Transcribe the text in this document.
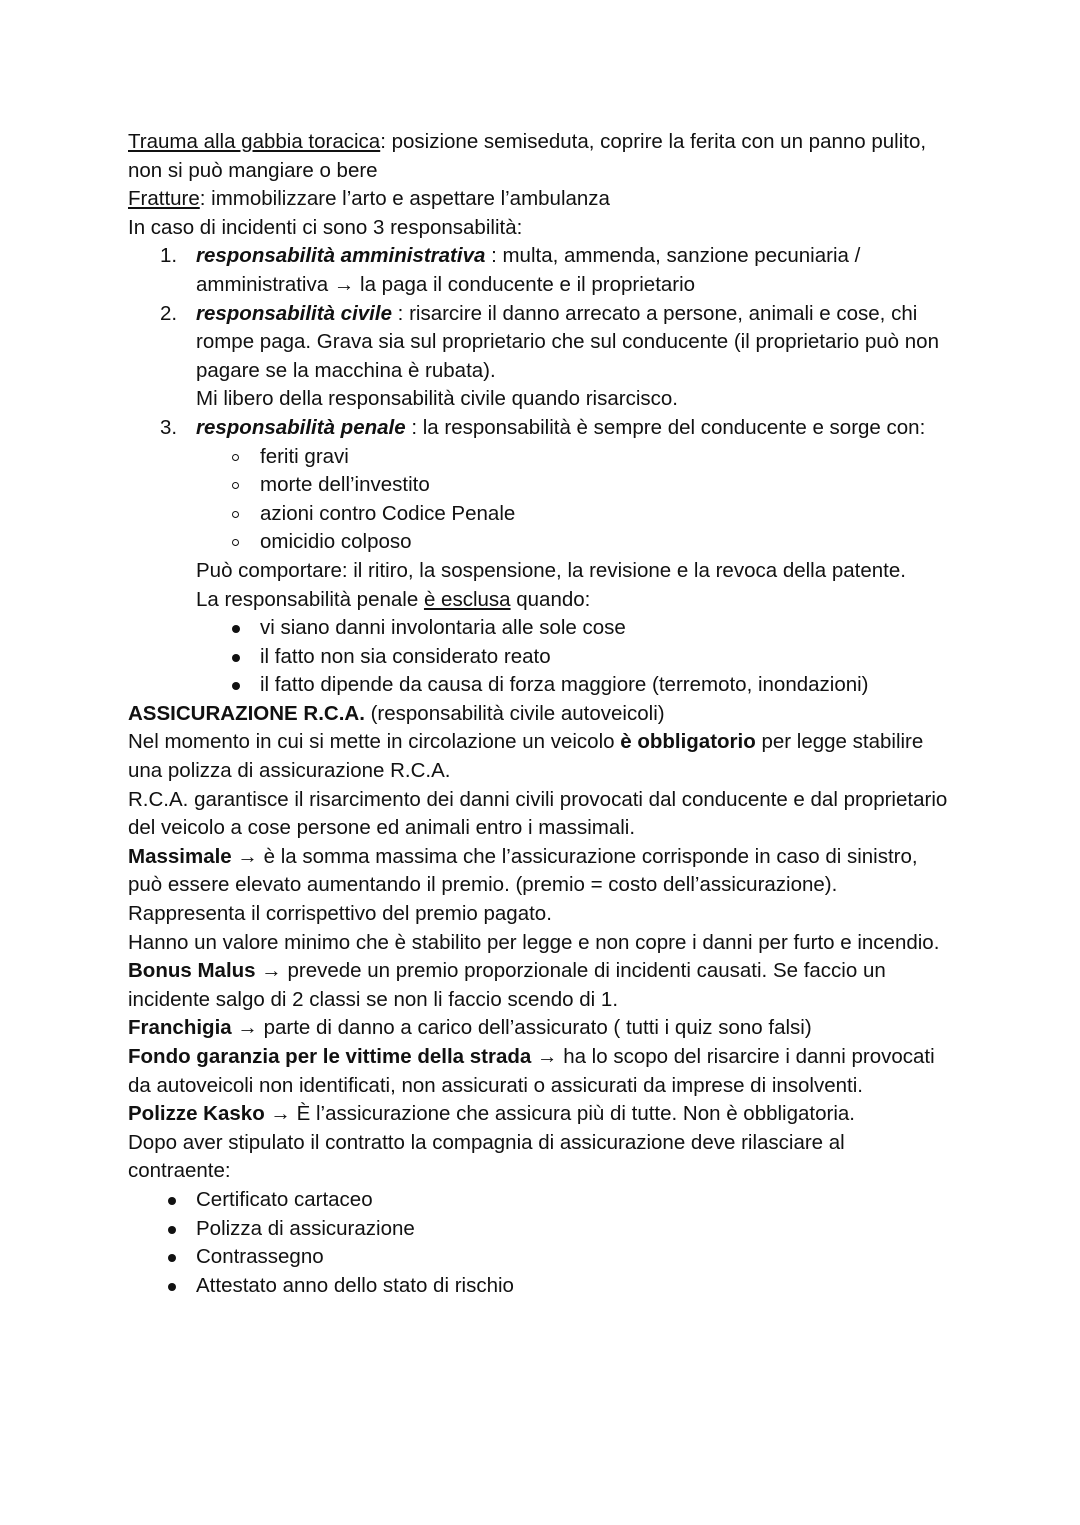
Trauma alla gabbia toracica: posizione semiseduta, coprire la ferita con un panno pulito, non si può mangiare o bere

Fratture: immobilizzare l’arto e aspettare l’ambulanza

In caso di incidenti ci sono 3 responsabilità:

responsabilità amministrativa : multa, ammenda, sanzione pecuniaria / amministrativa → la paga il conducente e il proprietario
responsabilità civile : risarcire il danno arrecato a persone, animali e cose, chi rompe paga. Grava sia sul proprietario che sul conducente (il proprietario può non pagare se la macchina è rubata).

Mi libero della responsabilità civile quando risarcisco.

responsabilità penale : la responsabilità è sempre del conducente e sorge con:
feriti gravi
morte dell’investito
azioni contro Codice Penale
omicidio colposo

Può comportare: il ritiro, la sospensione, la revisione e la revoca della patente.

La responsabilità penale è esclusa quando:

vi siano danni involontaria alle sole cose
il fatto non sia considerato reato
il fatto dipende da causa di forza maggiore (terremoto, inondazioni)

ASSICURAZIONE R.C.A. (responsabilità civile autoveicoli)

Nel momento in cui si mette in circolazione un veicolo è obbligatorio per legge stabilire una polizza di assicurazione R.C.A.

R.C.A. garantisce il risarcimento dei danni civili provocati dal conducente e dal proprietario del veicolo a cose persone ed animali entro i massimali.

Massimale → è la somma massima che l’assicurazione corrisponde in caso di sinistro, può essere elevato aumentando il premio. (premio = costo dell’assicurazione). Rappresenta il corrispettivo del premio pagato.

Hanno un valore minimo che è stabilito per legge e non copre i danni per furto e incendio.

Bonus Malus → prevede un premio proporzionale di incidenti causati. Se faccio un incidente salgo di 2 classi se non li faccio scendo di 1.

Franchigia → parte di danno a carico dell’assicurato ( tutti i quiz sono falsi)

Fondo garanzia per le vittime della strada → ha lo scopo del risarcire i danni provocati da autoveicoli non identificati, non assicurati o assicurati da imprese di insolventi.

Polizze Kasko → È l’assicurazione che assicura più di tutte. Non è obbligatoria.

Dopo aver stipulato il contratto la compagnia di assicurazione deve rilasciare al contraente:

Certificato cartaceo
Polizza di assicurazione
Contrassegno
Attestato anno dello stato di rischio
